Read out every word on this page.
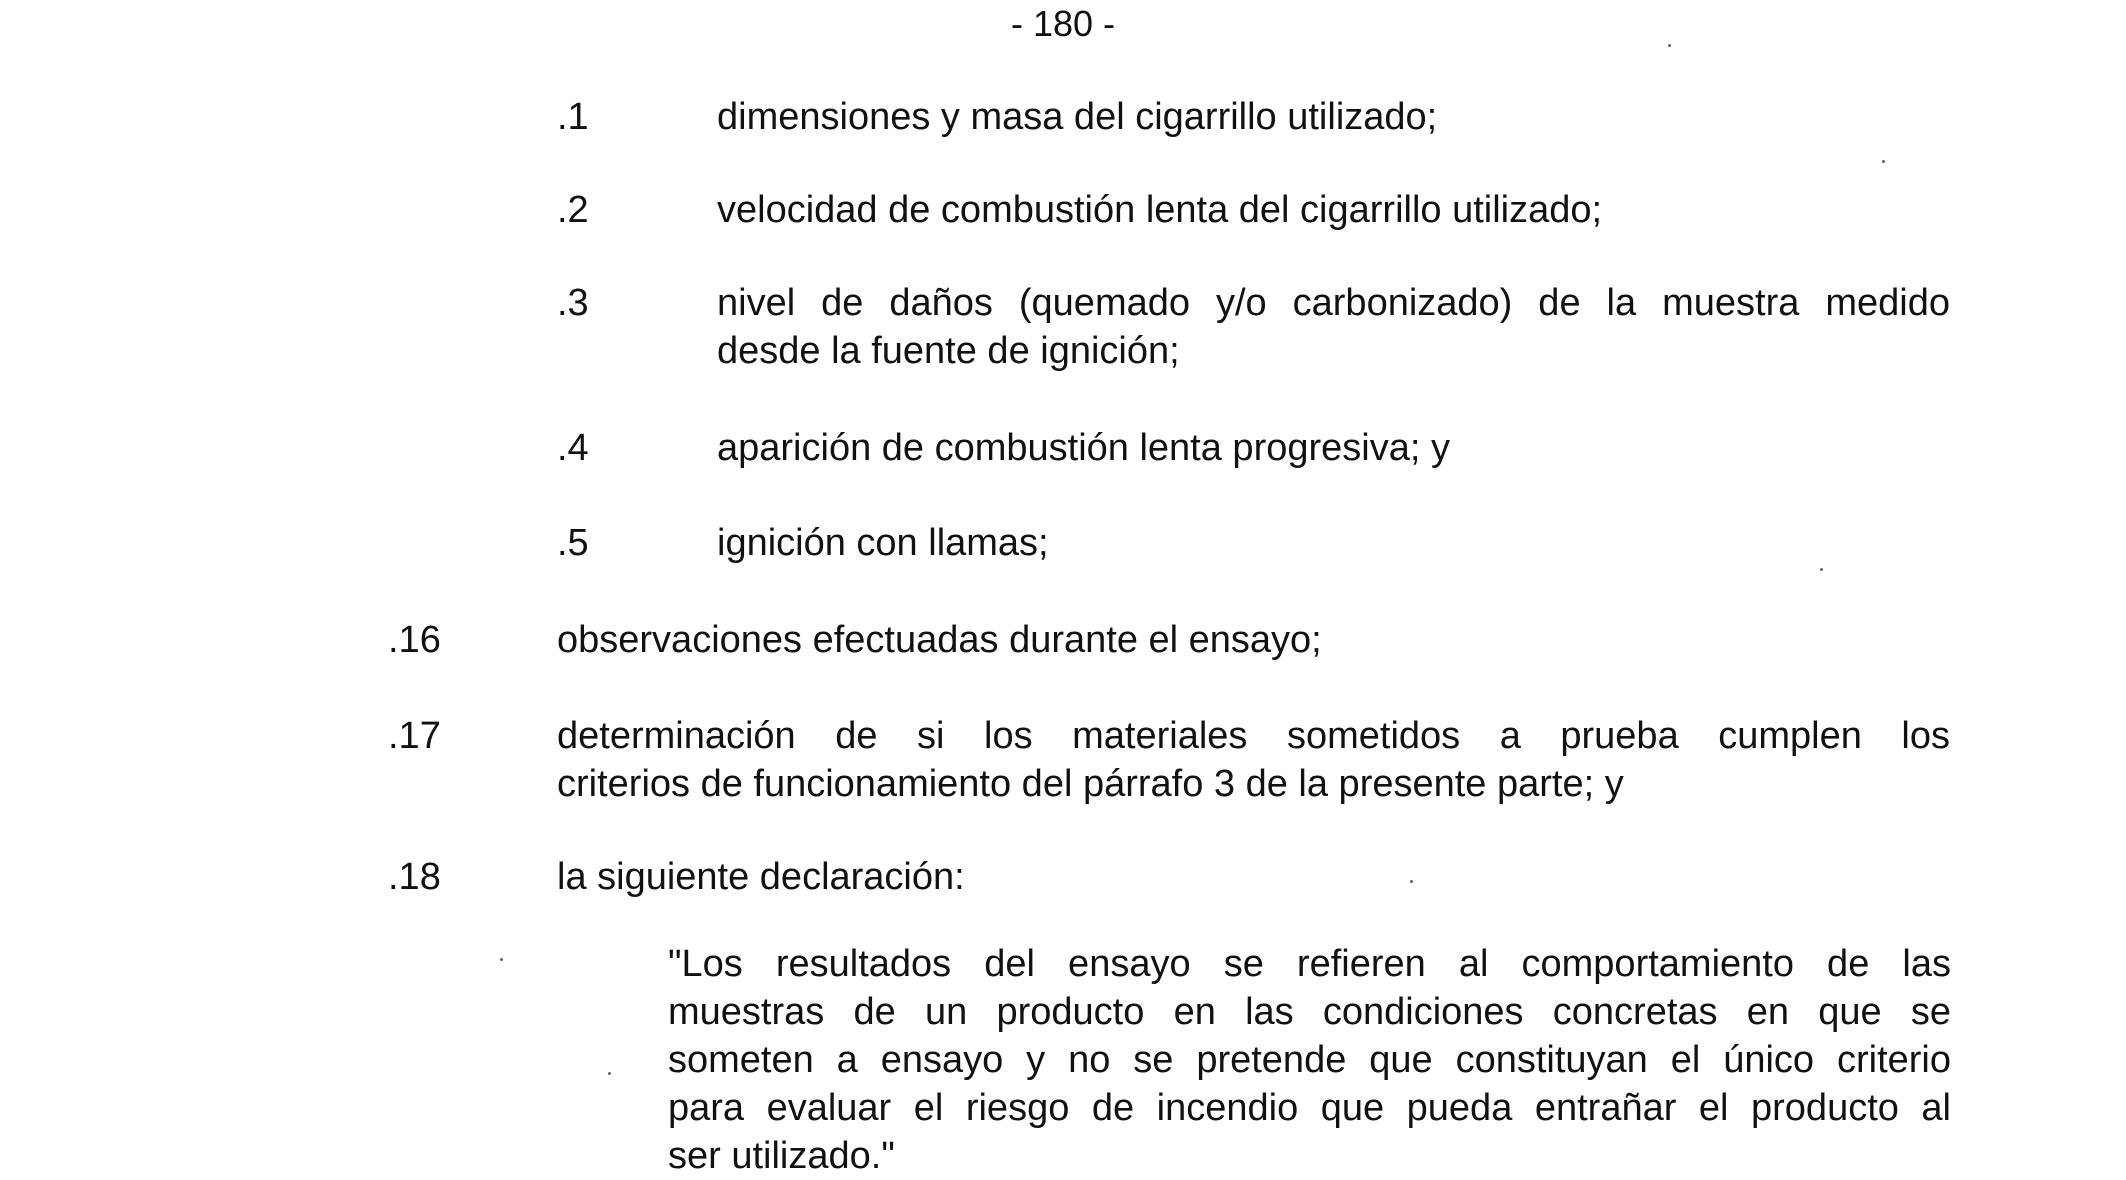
- 180 -
.1	dimensiones y masa del cigarrillo utilizado;
.2	velocidad de combustión lenta del cigarrillo utilizado;
.3	nivel de daños (quemado y/o carbonizado) de la muestra medido
desde la fuente de ignición;
.4	aparición de combustión lenta progresiva; y
.5	ignición con llamas;
.16	observaciones efectuadas durante el ensayo;
.17	determinación de si los materiales sometidos a prueba cumplen los
criterios de funcionamiento del párrafo 3 de la presente parte; y
.18	la siguiente declaración:
"Los resultados del ensayo se refieren al comportamiento de las
muestras de un producto en las condiciones concretas en que se
someten a ensayo y no se pretende que constituyan el único criterio
para evaluar el riesgo de incendio que pueda entrañar el producto al
ser utilizado."
